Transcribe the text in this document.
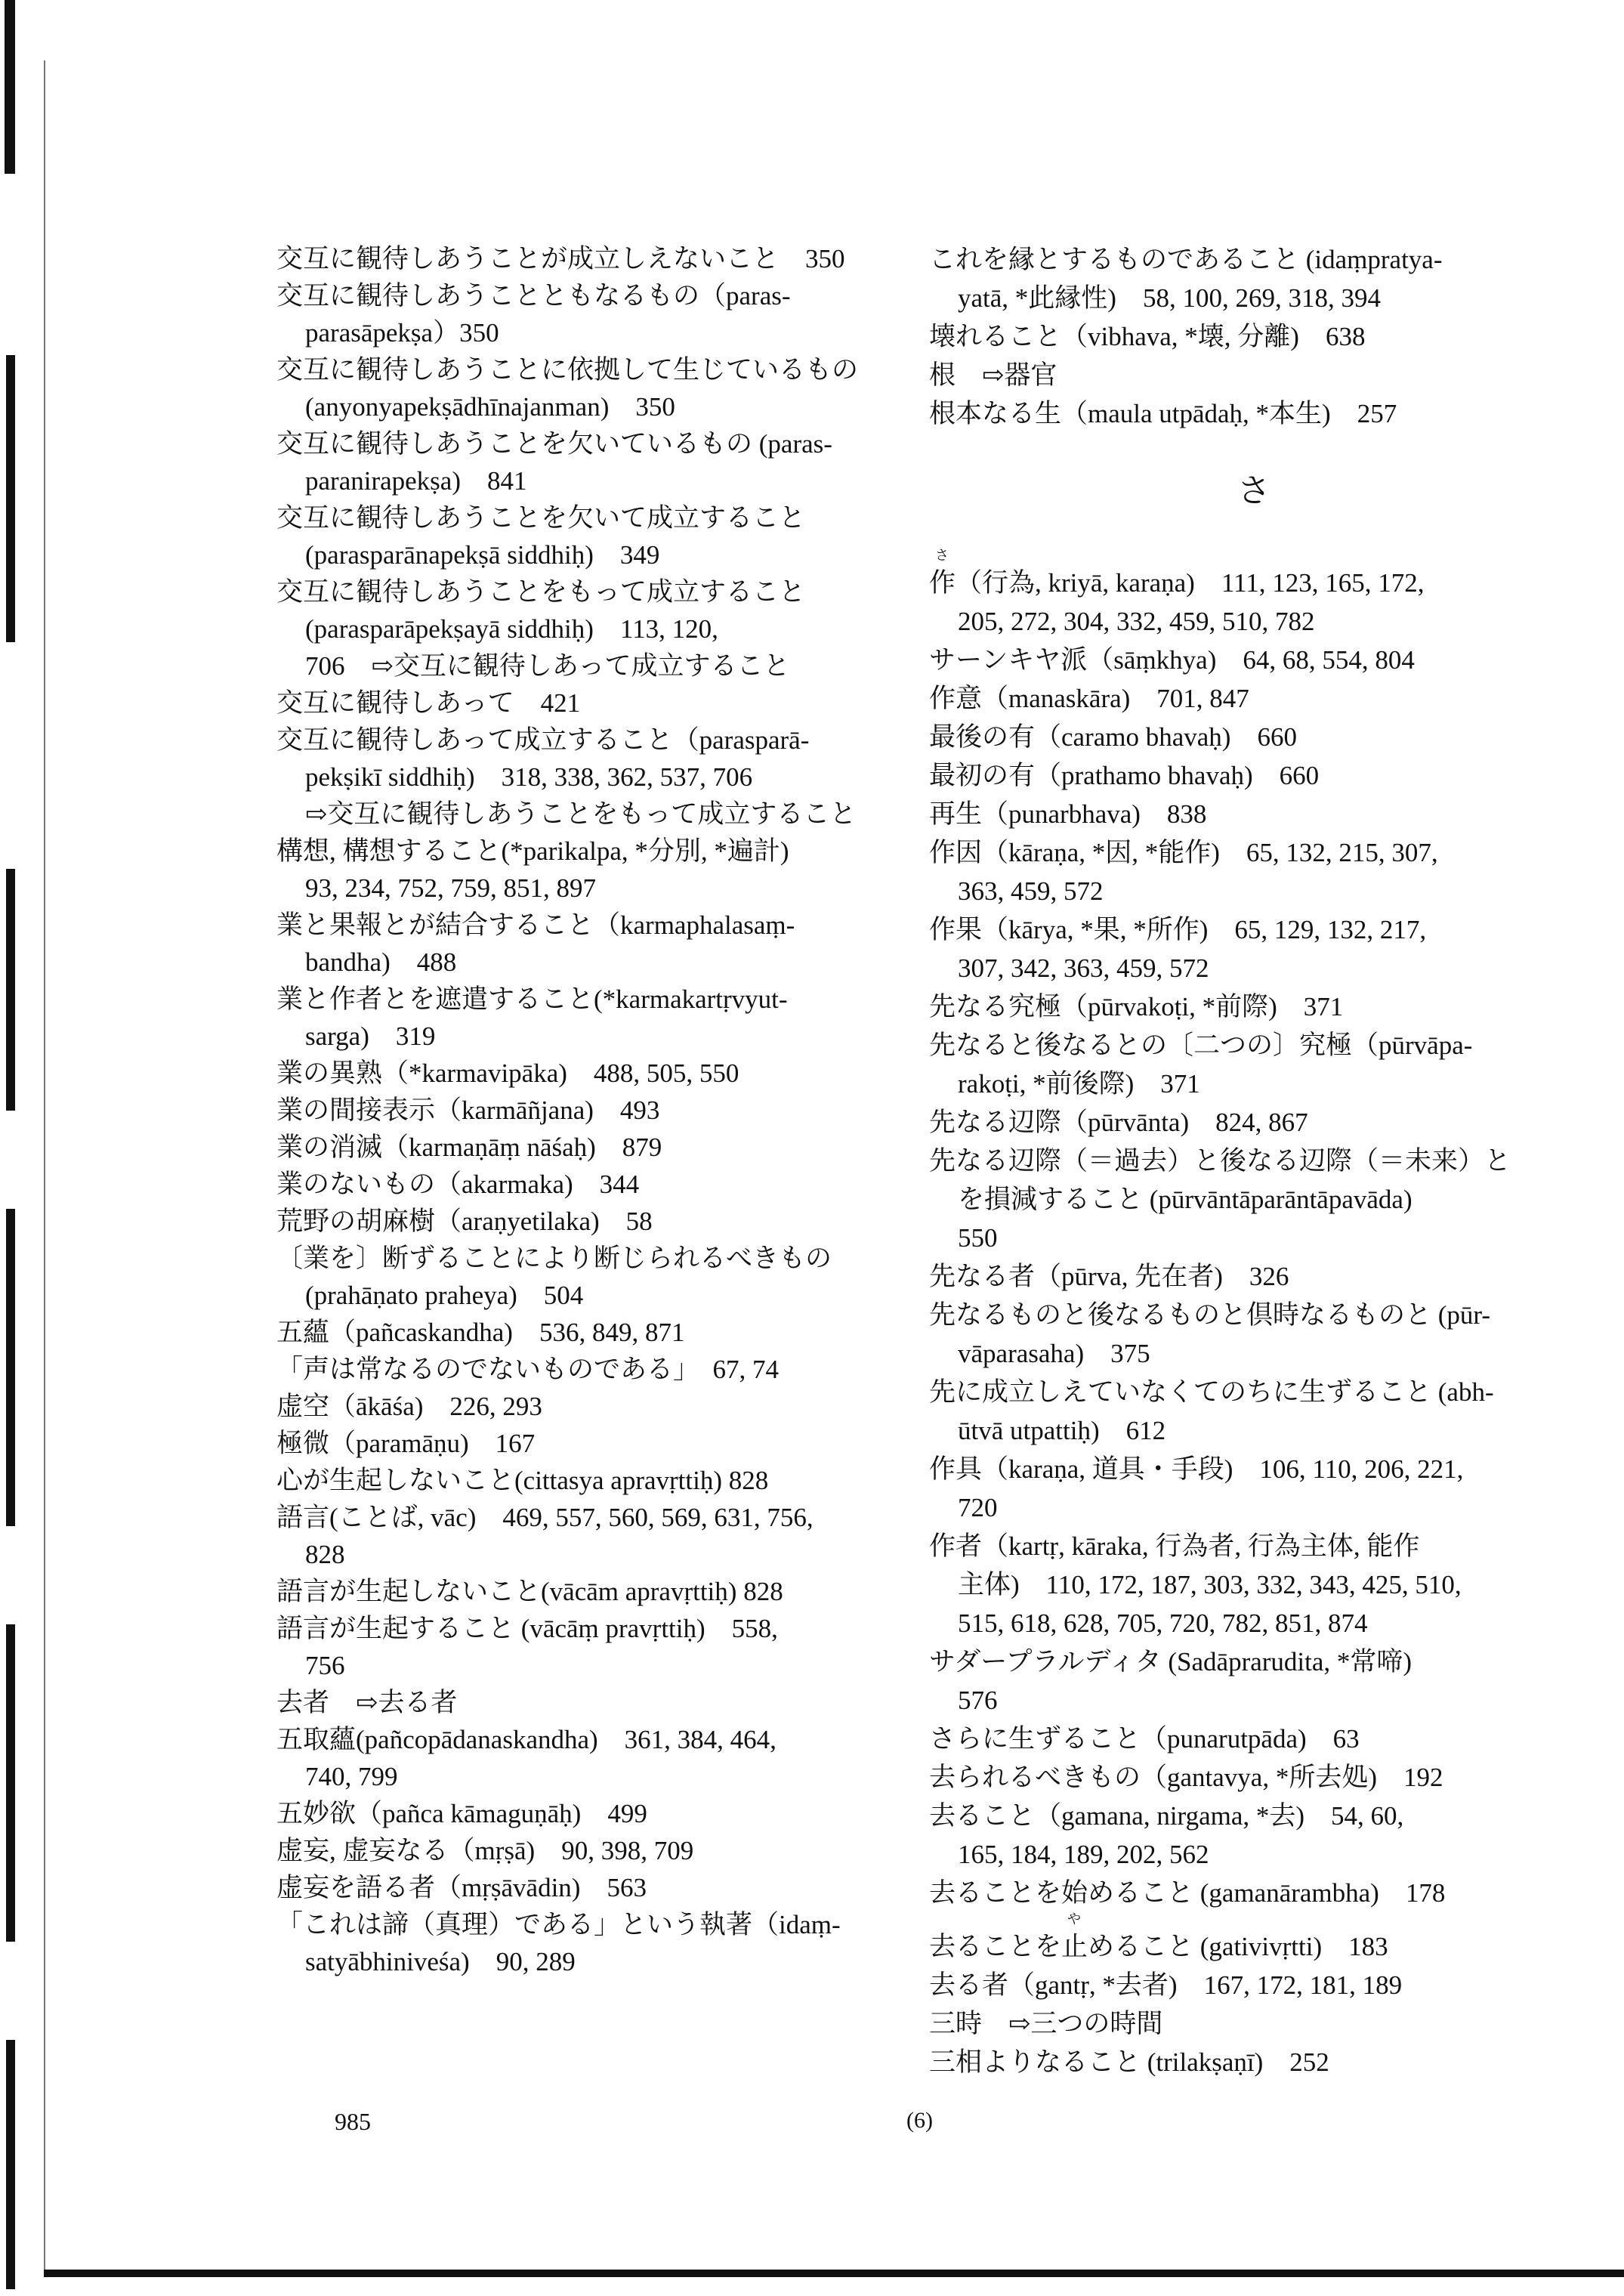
交互に観待しあうことが成立しえないこと　350
交互に観待しあうことともなるもの（paras-
parasāpekṣa）350
交互に観待しあうことに依拠して生じているもの
(anyonyapekṣādhīnajanman)　350
交互に観待しあうことを欠いているもの (paras-
paranirapekṣa)　841
交互に観待しあうことを欠いて成立すること
(parasparānapekṣā siddhiḥ)　349
交互に観待しあうことをもって成立すること
(parasparāpekṣayā siddhiḥ)　113, 120,
706　⇨交互に観待しあって成立すること
交互に観待しあって　421
交互に観待しあって成立すること（parasparā-
pekṣikī siddhiḥ)　318, 338, 362, 537, 706
⇨交互に観待しあうことをもって成立すること
構想, 構想すること(*parikalpa, *分別, *遍計)
93, 234, 752, 759, 851, 897
業と果報とが結合すること（karmaphalasaṃ-
bandha)　488
業と作者とを遮遣すること(*karmakartṛvyut-
sarga)　319
業の異熟（*karmavipāka)　488, 505, 550
業の間接表示（karmāñjana)　493
業の消滅（karmaṇāṃ nāśaḥ)　879
業のないもの（akarmaka)　344
荒野の胡麻樹（araṇyetilaka)　58
〔業を〕断ずることにより断じられるべきもの
(prahāṇato praheya)　504
五蘊（pañcaskandha)　536, 849, 871
「声は常なるのでないものである」　67, 74
虚空（ākāśa)　226, 293
極微（paramāṇu)　167
心が生起しないこと(cittasya apravṛttiḥ) 828
語言(ことば, vāc)　469, 557, 560, 569, 631, 756,
828
語言が生起しないこと(vācām apravṛttiḥ) 828
語言が生起すること (vācāṃ pravṛttiḥ)　558,
756
去者　⇨去る者
五取蘊(pañcopādanaskandha)　361, 384, 464,
740, 799
五妙欲（pañca kāmaguṇāḥ)　499
虚妄, 虚妄なる（mṛṣā)　90, 398, 709
虚妄を語る者（mṛṣāvādin)　563
「これは諦（真理）である」という執著（idaṃ-
satyābhiniveśa)　90, 289
これを縁とするものであること (idaṃpratya-
yatā, *此縁性)　58, 100, 269, 318, 394
壊れること（vibhava, *壊, 分離)　638
根　⇨器官
根本なる生（maula utpādaḥ, *本生)　257
さ
さ
作（行為, kriyā, karaṇa)　111, 123, 165, 172,
205, 272, 304, 332, 459, 510, 782
サーンキヤ派（sāṃkhya)　64, 68, 554, 804
作意（manaskāra)　701, 847
最後の有（caramo bhavaḥ)　660
最初の有（prathamo bhavaḥ)　660
再生（punarbhava)　838
作因（kāraṇa, *因, *能作)　65, 132, 215, 307,
363, 459, 572
作果（kārya, *果, *所作)　65, 129, 132, 217,
307, 342, 363, 459, 572
先なる究極（pūrvakoṭi, *前際)　371
先なると後なるとの〔二つの〕究極（pūrvāpa-
rakoṭi, *前後際)　371
先なる辺際（pūrvānta)　824, 867
先なる辺際（＝過去）と後なる辺際（＝未来）と
を損減すること (pūrvāntāparāntāpavāda)
550
先なる者（pūrva, 先在者)　326
先なるものと後なるものと倶時なるものと (pūr-
vāparasaha)　375
先に成立しえていなくてのちに生ずること (abh-
ūtvā utpattiḥ)　612
作具（karaṇa, 道具・手段)　106, 110, 206, 221,
720
作者（kartṛ, kāraka, 行為者, 行為主体, 能作
主体)　110, 172, 187, 303, 332, 343, 425, 510,
515, 618, 628, 705, 720, 782, 851, 874
サダープラルディタ (Sadāprarudita, *常啼)
576
さらに生ずること（punarutpāda)　63
去られるべきもの（gantavya, *所去処)　192
去ること（gamana, nirgama, *去)　54, 60,
165, 184, 189, 202, 562
去ることを始めること (gamanārambha)　178
や
去ることを止めること (gativivṛtti)　183
去る者（gantṛ, *去者)　167, 172, 181, 189
三時　⇨三つの時間
三相よりなること (trilakṣaṇī)　252
985	(6)
